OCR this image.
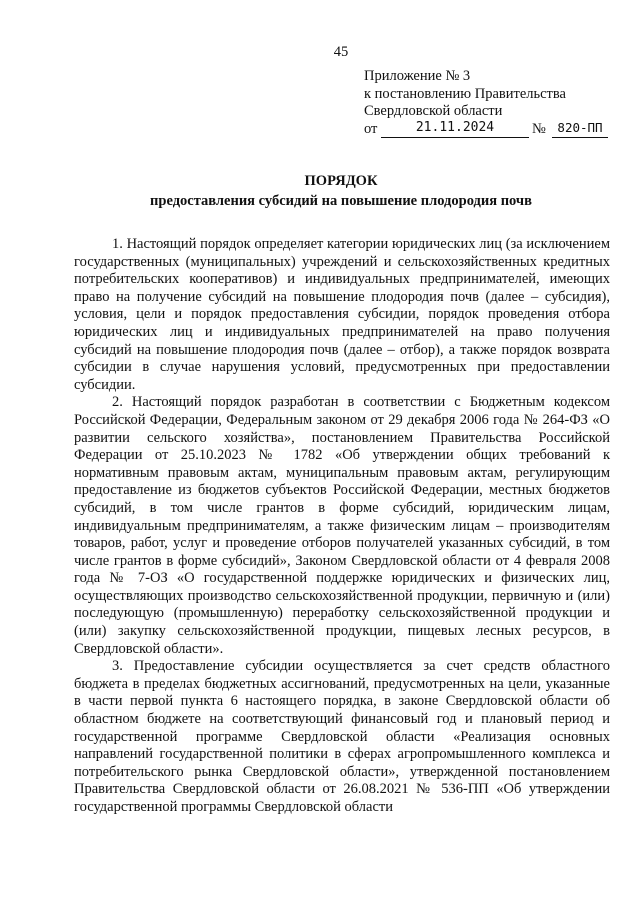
45
Приложение № 3
к постановлению Правительства
Свердловской области
от	21.11.2024	№ 820-ПП
ПОРЯДОК
предоставления субсидий на повышение плодородия почв

1. Настоящий порядок определяет категории юридических лиц (за исключением государственных (муниципальных) учреждений и сельскохозяйственных кредитных потребительских кооперативов) и индивидуальных предпринимателей, имеющих право на получение субсидий на повышение плодородия почв (далее – субсидия), условия, цели и порядок предоставления субсидии, порядок проведения отбора юридических лиц и индивидуальных предпринимателей на право получения субсидий на повышение плодородия почв (далее – отбор), а также порядок возврата субсидии в случае нарушения условий, предусмотренных при предоставлении субсидии.

2. Настоящий порядок разработан в соответствии с Бюджетным кодексом Российской Федерации, Федеральным законом от 29 декабря 2006 года № 264-ФЗ «О развитии сельского хозяйства», постановлением Правительства Российской Федерации от 25.10.2023 № 1782 «Об утверждении общих требований к нормативным правовым актам, муниципальным правовым актам, регулирующим предоставление из бюджетов субъектов Российской Федерации, местных бюджетов субсидий, в том числе грантов в форме субсидий, юридическим лицам, индивидуальным предпринимателям, а также физическим лицам – производителям товаров, работ, услуг и проведение отборов получателей указанных субсидий, в том числе грантов в форме субсидий», Законом Свердловской области от 4 февраля 2008 года № 7-ОЗ «О государственной поддержке юридических и физических лиц, осуществляющих производство сельскохозяйственной продукции, первичную и (или) последующую (промышленную) переработку сельскохозяйственной продукции и (или) закупку сельскохозяйственной продукции, пищевых лесных ресурсов, в Свердловской области».

3. Предоставление субсидии осуществляется за счет средств областного бюджета в пределах бюджетных ассигнований, предусмотренных на цели, указанные в части первой пункта 6 настоящего порядка, в законе Свердловской области об областном бюджете на соответствующий финансовый год и плановый период и государственной программе Свердловской области «Реализация основных направлений государственной политики в сферах агропромышленного комплекса и потребительского рынка Свердловской области», утвержденной постановлением Правительства Свердловской области от 26.08.2021 № 536-ПП «Об утверждении государственной программы Свердловской области
